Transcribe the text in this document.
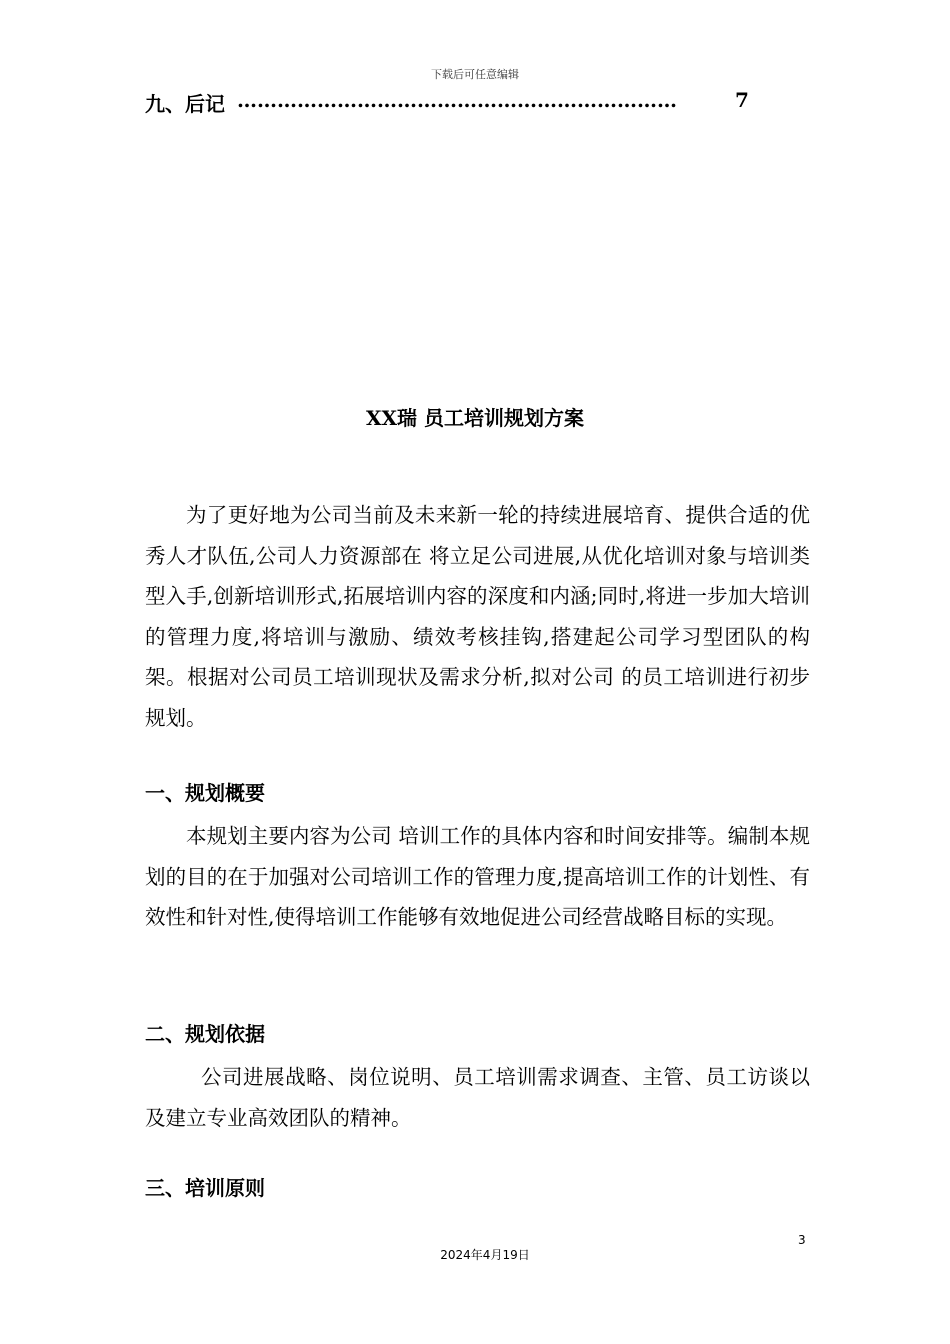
下载后可任意编辑
九、后记 …………………………………………………………	7
XX瑞 员工培训规划方案

为了更好地为公司当前及未来新一轮的持续进展培育、提供合适的优秀人才队伍,公司人力资源部在 将立足公司进展,从优化培训对象与培训类型入手,创新培训形式,拓展培训内容的深度和内涵;同时,将进一步加大培训的管理力度,将培训与激励、绩效考核挂钩,搭建起公司学习型团队的构架。根据对公司员工培训现状及需求分析,拟对公司 的员工培训进行初步规划。

一、规划概要

本规划主要内容为公司 培训工作的具体内容和时间安排等。编制本规划的目的在于加强对公司培训工作的管理力度,提高培训工作的计划性、有效性和针对性,使得培训工作能够有效地促进公司经营战略目标的实现。

二、规划依据

公司进展战略、岗位说明、员工培训需求调查、主管、员工访谈以及建立专业高效团队的精神。

三、培训原则
3
2024年4月19日
